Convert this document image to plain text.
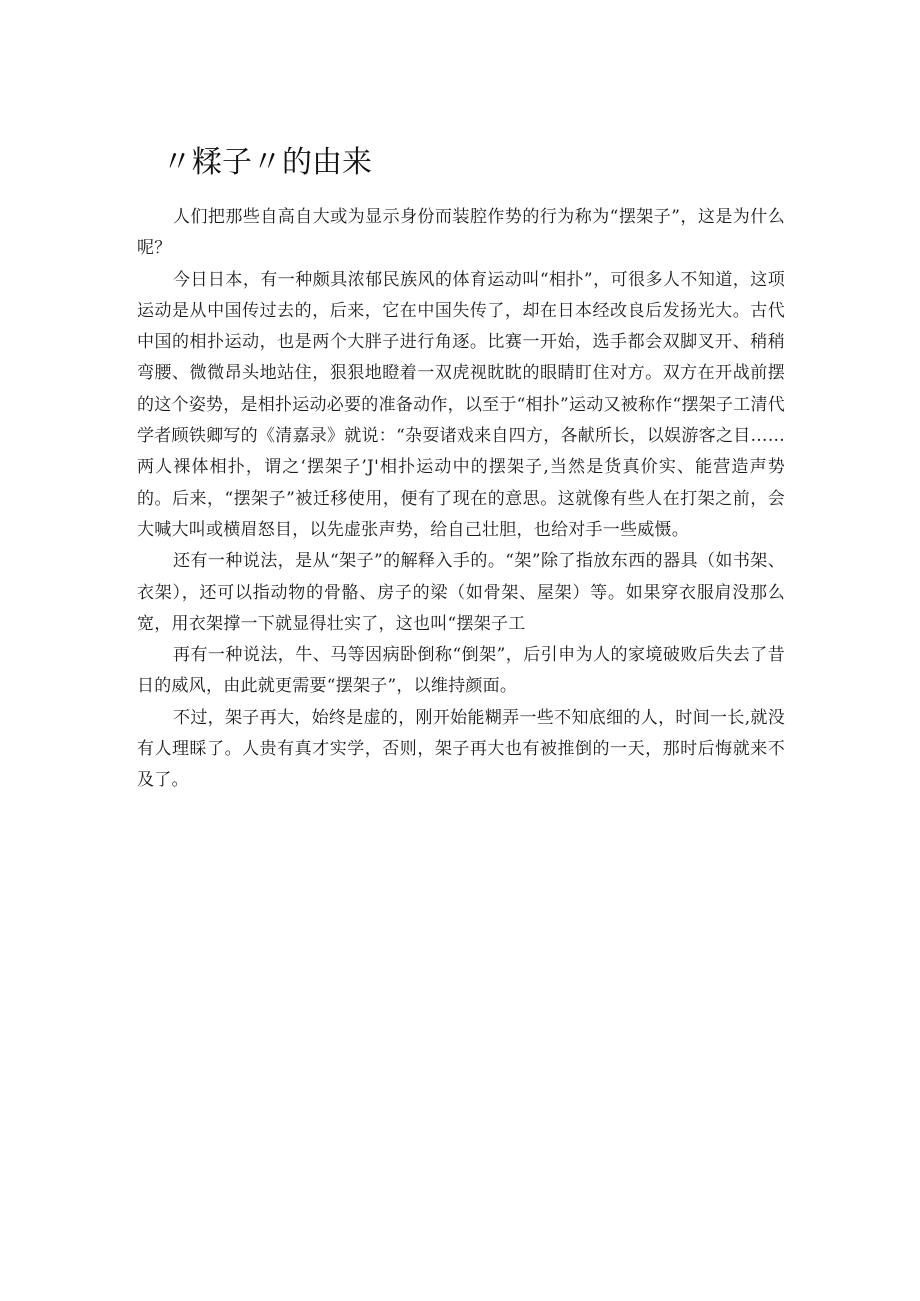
〃糅子〃的由来

人们把那些自高自大或为显示身份而装腔作势的行为称为“摆架子”，这是为什么呢？

今日日本，有一种颇具浓郁民族风的体育运动叫“相扑”，可很多人不知道，这项运动是从中国传过去的，后来，它在中国失传了，却在日本经改良后发扬光大。古代中国的相扑运动，也是两个大胖子进行角逐。比赛一开始，选手都会双脚叉开、稍稍弯腰、微微昂头地站住，狠狠地瞪着一双虎视眈眈的眼睛盯住对方。双方在开战前摆的这个姿势，是相扑运动必要的准备动作，以至于“相扑”运动又被称作“摆架子工清代学者顾铁卿写的《清嘉录》就说：“杂耍诸戏来自四方，各献所长，以娱游客之目……两人裸体相扑，谓之‘摆架子’J'相扑运动中的摆架子,当然是货真价实、能营造声势的。后来，“摆架子”被迁移使用，便有了现在的意思。这就像有些人在打架之前，会大喊大叫或横眉怒目，以先虚张声势，给自己壮胆，也给对手一些威慑。

还有一种说法，是从“架子”的解释入手的。“架”除了指放东西的器具（如书架、衣架），还可以指动物的骨骼、房子的梁（如骨架、屋架）等。如果穿衣服肩没那么宽，用衣架撑一下就显得壮实了，这也叫“摆架子工

再有一种说法，牛、马等因病卧倒称“倒架”，后引申为人的家境破败后失去了昔日的威风，由此就更需要“摆架子”，以维持颜面。

不过，架子再大，始终是虚的，刚开始能糊弄一些不知底细的人，时间一长,就没有人理睬了。人贵有真才实学，否则，架子再大也有被推倒的一天，那时后悔就来不及了。
